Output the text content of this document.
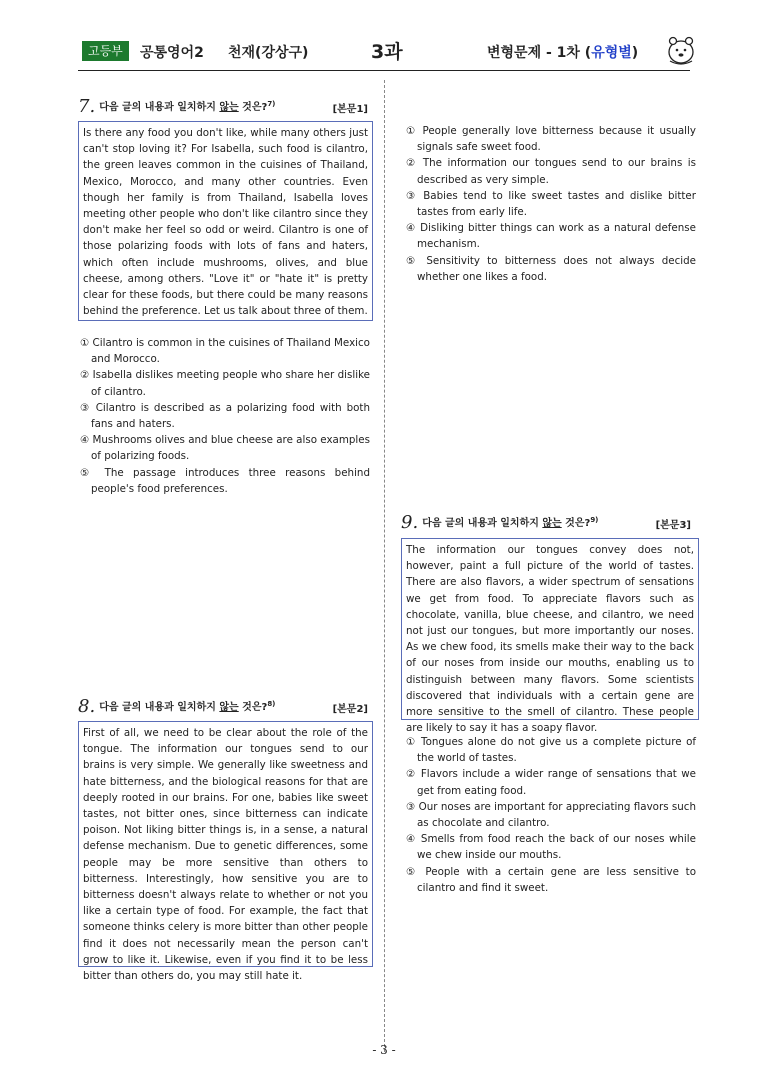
고등부	공통영어2 천재(강상구)	3과	변형문제 - 1차 (유형별)
7. 다음 글의 내용과 일치하지 않는 것은?$^{7)}$	[본문1]
Is there any food you don't like, while many others just can't stop loving it? For Isabella, such food is cilantro, the green leaves common in the cuisines of Thailand, Mexico, Morocco, and many other countries. Even though her family is from Thailand, Isabella loves meeting other people who don't like cilantro since they don't make her feel so odd or weird. Cilantro is one of those polarizing foods with lots of fans and haters, which often include mushrooms, olives, and blue cheese, among others. "Love it" or "hate it" is pretty clear for these foods, but there could be many reasons behind the preference. Let us talk about three of them.
① Cilantro is common in the cuisines of Thailand Mexico and Morocco.
② Isabella dislikes meeting people who share her dislike of cilantro.
③ Cilantro is described as a polarizing food with both fans and haters.
④ Mushrooms olives and blue cheese are also examples of polarizing foods.
⑤ The passage introduces three reasons behind people's food preferences.
8. 다음 글의 내용과 일치하지 않는 것은?$^{8)}$	[본문2]
First of all, we need to be clear about the role of the tongue. The information our tongues send to our brains is very simple. We generally like sweetness and hate bitterness, and the biological reasons for that are deeply rooted in our brains. For one, babies like sweet tastes, not bitter ones, since bitterness can indicate poison. Not liking bitter things is, in a sense, a natural defense mechanism. Due to genetic differences, some people may be more sensitive than others to bitterness. Interestingly, how sensitive you are to bitterness doesn't always relate to whether or not you like a certain type of food. For example, the fact that someone thinks celery is more bitter than other people find it does not necessarily mean the person can't grow to like it. Likewise, even if you find it to be less bitter than others do, you may still hate it.
① People generally love bitterness because it usually signals safe sweet food.
② The information our tongues send to our brains is described as very simple.
③ Babies tend to like sweet tastes and dislike bitter tastes from early life.
④ Disliking bitter things can work as a natural defense mechanism.
⑤ Sensitivity to bitterness does not always decide whether one likes a food.
9. 다음 글의 내용과 일치하지 않는 것은?$^{9)}$	[본문3]
The information our tongues convey does not, however, paint a full picture of the world of tastes. There are also flavors, a wider spectrum of sensations we get from food. To appreciate flavors such as chocolate, vanilla, blue cheese, and cilantro, we need not just our tongues, but more importantly our noses. As we chew food, its smells make their way to the back of our noses from inside our mouths, enabling us to distinguish between many flavors. Some scientists discovered that individuals with a certain gene are more sensitive to the smell of cilantro. These people are likely to say it has a soapy flavor.
① Tongues alone do not give us a complete picture of the world of tastes.
② Flavors include a wider range of sensations that we get from eating food.
③ Our noses are important for appreciating flavors such as chocolate and cilantro.
④ Smells from food reach the back of our noses while we chew inside our mouths.
⑤ People with a certain gene are less sensitive to cilantro and find it sweet.
- 3 -
